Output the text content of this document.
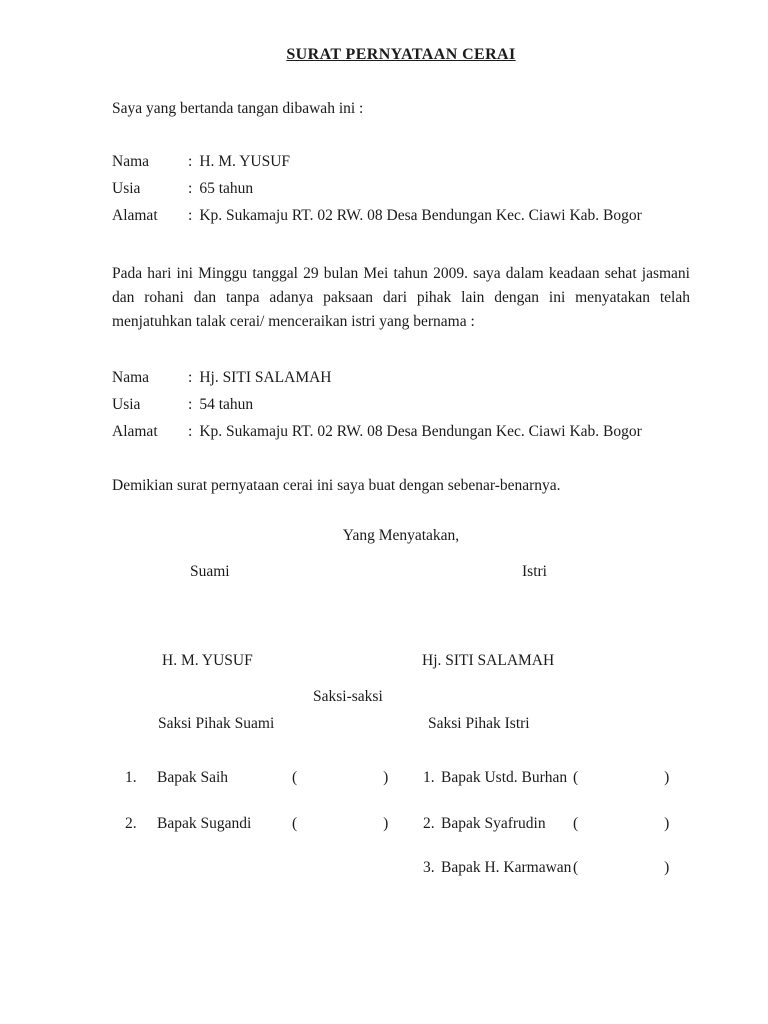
SURAT PERNYATAAN CERAI
Saya yang bertanda tangan dibawah ini :
Nama	: H. M. YUSUF
Usia	: 65 tahun
Alamat	: Kp. Sukamaju RT. 02 RW. 08 Desa Bendungan Kec. Ciawi Kab. Bogor
Pada hari ini Minggu tanggal 29 bulan Mei tahun 2009. saya dalam keadaan sehat jasmani dan rohani dan tanpa adanya paksaan dari pihak lain dengan ini menyatakan telah menjatuhkan talak cerai/ menceraikan istri yang bernama :
Nama	: Hj. SITI SALAMAH
Usia	: 54 tahun
Alamat	: Kp. Sukamaju RT. 02 RW. 08 Desa Bendungan Kec. Ciawi Kab. Bogor
Demikian surat pernyataan cerai ini saya buat dengan sebenar-benarnya.
Yang Menyatakan,
Suami	Istri
H. M. YUSUF	Hj. SITI SALAMAH
Saksi-saksi
Saksi Pihak Suami	Saksi Pihak Istri
1. Bapak Saih	(	)
2. Bapak Sugandi	(	)
1. Bapak Ustd. Burhan (	)
2. Bapak Syafrudin (	)
3. Bapak H. Karmawan (	)
